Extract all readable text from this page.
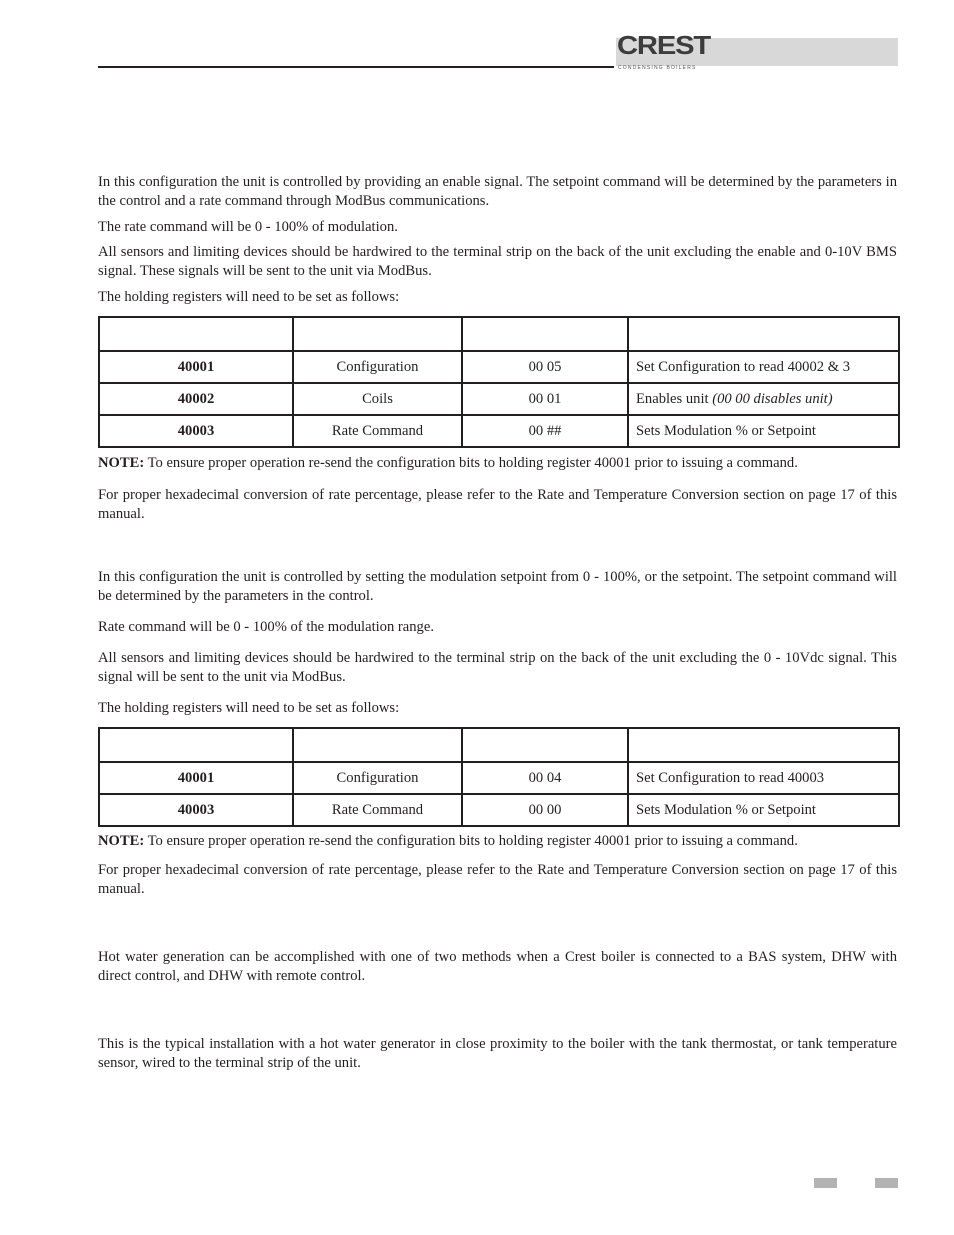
CREST
CONDENSING BOILERS

In this configuration the unit is controlled by providing an enable signal. The setpoint command will be determined by the parameters in the control and a rate command through ModBus communications.

The rate command will be 0 - 100% of modulation.

All sensors and limiting devices should be hardwired to the terminal strip on the back of the unit excluding the enable and 0-10V BMS signal. These signals will be sent to the unit via ModBus.

The holding registers will need to be set as follows:

40001	Configuration	00 05	Set Configuration to read 40002 & 3
40002	Coils	00 01	Enables unit (00 00 disables unit)
40003	Rate Command	00 ##	Sets Modulation % or Setpoint

NOTE: To ensure proper operation re-send the configuration bits to holding register 40001 prior to issuing a command.

For proper hexadecimal conversion of rate percentage, please refer to the Rate and Temperature Conversion section on page 17 of this manual.

In this configuration the unit is controlled by setting the modulation setpoint from 0 - 100%, or the setpoint. The setpoint command will be determined by the parameters in the control.

Rate command will be 0 - 100% of the modulation range.

All sensors and limiting devices should be hardwired to the terminal strip on the back of the unit excluding the 0 - 10Vdc signal. This signal will be sent to the unit via ModBus.

The holding registers will need to be set as follows:

40001	Configuration	00 04	Set Configuration to read 40003
40003	Rate Command	00 00	Sets Modulation % or Setpoint

NOTE: To ensure proper operation re-send the configuration bits to holding register 40001 prior to issuing a command.

For proper hexadecimal conversion of rate percentage, please refer to the Rate and Temperature Conversion section on page 17 of this manual.

Hot water generation can be accomplished with one of two methods when a Crest boiler is connected to a BAS system, DHW with direct control, and DHW with remote control.

This is the typical installation with a hot water generator in close proximity to the boiler with the tank thermostat, or tank temperature sensor, wired to the terminal strip of the unit.
